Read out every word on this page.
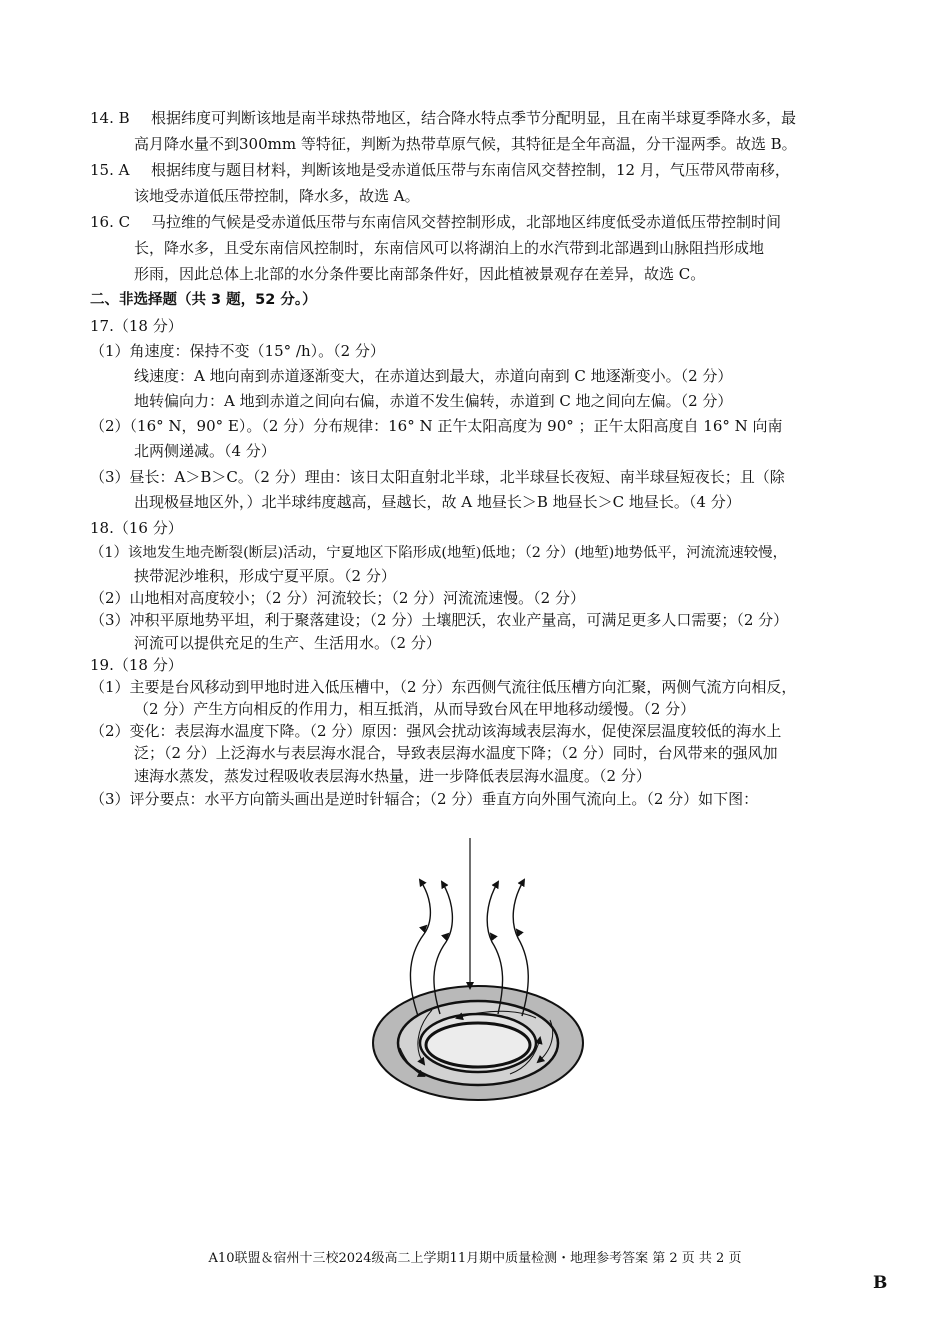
14. B 根据纬度可判断该地是南半球热带地区，结合降水特点季节分配明显，且在南半球夏季降水多，最
高月降水量不到300mm 等特征，判断为热带草原气候，其特征是全年高温，分干湿两季。故选 B。
15. A 根据纬度与题目材料，判断该地是受赤道低压带与东南信风交替控制，12 月，气压带风带南移，
该地受赤道低压带控制，降水多，故选 A。
16. C 马拉维的气候是受赤道低压带与东南信风交替控制形成，北部地区纬度低受赤道低压带控制时间
长，降水多，且受东南信风控制时，东南信风可以将湖泊上的水汽带到北部遇到山脉阻挡形成地
形雨，因此总体上北部的水分条件要比南部条件好，因此植被景观存在差异，故选 C。
二、非选择题（共 3 题，52 分。）
17.（18 分）
（1）角速度：保持不变（15° /h）。（2 分）
线速度：A 地向南到赤道逐渐变大，在赤道达到最大，赤道向南到 C 地逐渐变小。（2 分）
地转偏向力：A 地到赤道之间向右偏，赤道不发生偏转，赤道到 C 地之间向左偏。（2 分）
（2）（16° N，90° E）。（2 分）分布规律：16° N 正午太阳高度为 90° ；正午太阳高度自 16° N 向南
北两侧递减。（4 分）
（3）昼长：A＞B＞C。（2 分）理由：该日太阳直射北半球，北半球昼长夜短、南半球昼短夜长；且（除
出现极昼地区外，）北半球纬度越高，昼越长，故 A 地昼长＞B 地昼长＞C 地昼长。（4 分）
18.（16 分）
（1）该地发生地壳断裂(断层)活动，宁夏地区下陷形成(地堑)低地；（2 分）(地堑)地势低平，河流流速较慢，
挟带泥沙堆积，形成宁夏平原。（2 分）
（2）山地相对高度较小；（2 分）河流较长；（2 分）河流流速慢。（2 分）
（3）冲积平原地势平坦，利于聚落建设；（2 分）土壤肥沃，农业产量高，可满足更多人口需要；（2 分）
河流可以提供充足的生产、生活用水。（2 分）
19.（18 分）
（1）主要是台风移动到甲地时进入低压槽中，（2 分）东西侧气流往低压槽方向汇聚，两侧气流方向相反，
（2 分）产生方向相反的作用力，相互抵消，从而导致台风在甲地移动缓慢。（2 分）
（2）变化：表层海水温度下降。（2 分）原因：强风会扰动该海域表层海水，促使深层温度较低的海水上
泛；（2 分）上泛海水与表层海水混合，导致表层海水温度下降；（2 分）同时，台风带来的强风加
速海水蒸发，蒸发过程吸收表层海水热量，进一步降低表层海水温度。（2 分）
（3）评分要点：水平方向箭头画出是逆时针辐合；（2 分）垂直方向外围气流向上。（2 分）如下图：
A10联盟＆宿州十三校2024级高二上学期11月期中质量检测・地理参考答案 第 2 页 共 2 页
B
